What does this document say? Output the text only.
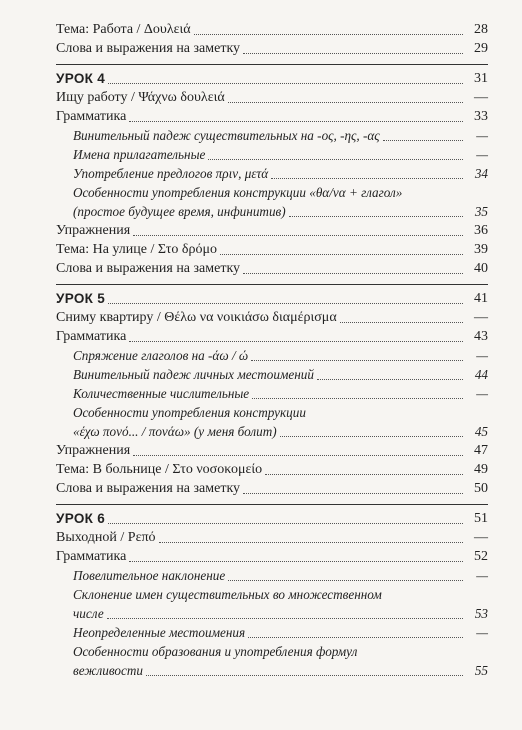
Тема: Работа / Δουλειά	28
Слова и выражения на заметку	29
УРОК 4	31
Ищу работу / Ψάχνω δουλειά	—
Грамматика	33
Винительный падеж существительных на -ος, -ης, -ας	—
Имена прилагательные	—
Употребление предлогов πριν, μετά	34
Особенности употребления конструкции «θα/να + глагол»
(простое будущее время, инфинитив)	35
Упражнения	36
Тема: На улице / Στο δρόμο	39
Слова и выражения на заметку	40
УРОК 5	41
Сниму квартиру / Θέλω να νοικιάσω διαμέρισμα	—
Грамматика	43
Спряжение глаголов на -άω / ώ	—
Винительный падеж личных местоимений	44
Количественные числительные	—
Особенности употребления конструкции
«έχω πονό... / πονάω» (у меня болит)	45
Упражнения	47
Тема: В больнице / Στο νοσοκομείο	49
Слова и выражения на заметку	50
УРОК 6	51
Выходной / Ρεπό	—
Грамматика	52
Повелительное наклонение	—
Склонение имен существительных во множественном
числе	53
Неопределенные местоимения	—
Особенности образования и употребления формул
вежливости	55
